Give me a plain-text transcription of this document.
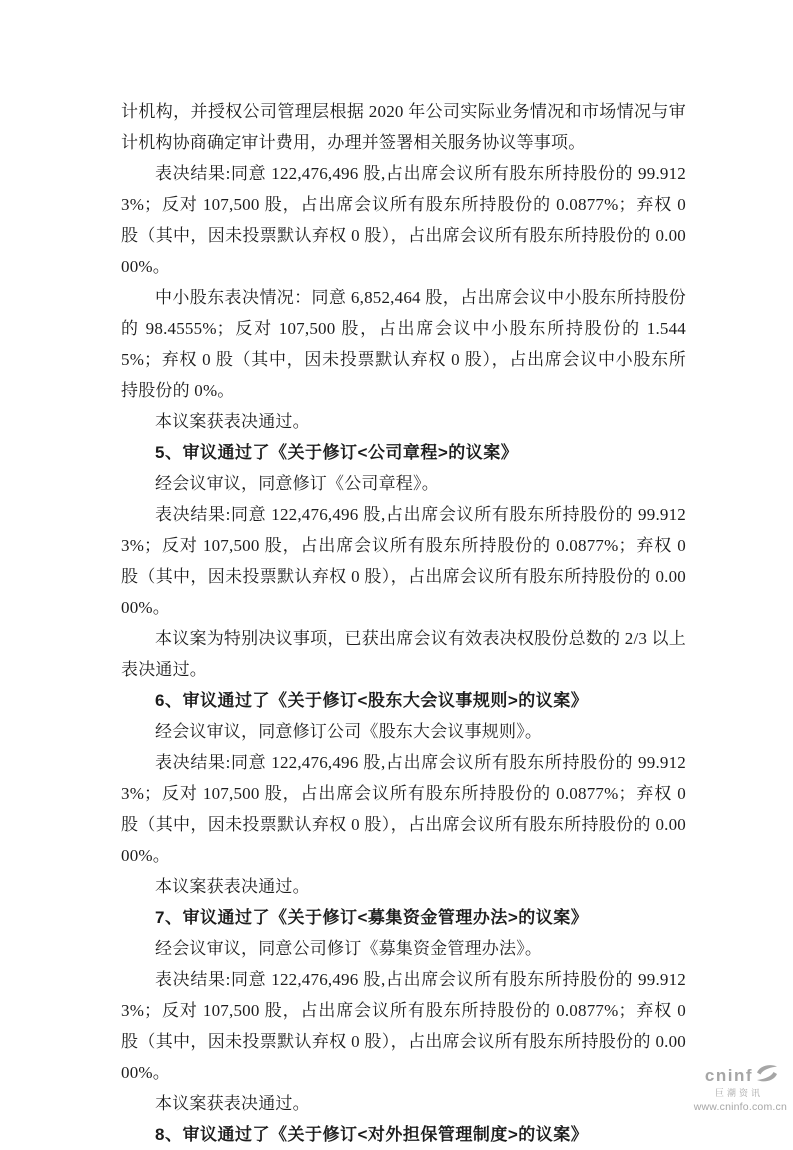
计机构，并授权公司管理层根据 2020 年公司实际业务情况和市场情况与审计机构协商确定审计费用，办理并签署相关服务协议等事项。

表决结果:同意 122,476,496 股,占出席会议所有股东所持股份的 99.9123%；反对 107,500 股，占出席会议所有股东所持股份的 0.0877%；弃权 0 股（其中，因未投票默认弃权 0 股），占出席会议所有股东所持股份的 0.0000%。

中小股东表决情况：同意 6,852,464 股，占出席会议中小股东所持股份的 98.4555%；反对 107,500 股，占出席会议中小股东所持股份的 1.5445%；弃权 0 股（其中，因未投票默认弃权 0 股），占出席会议中小股东所持股份的 0%。

本议案获表决通过。

5、审议通过了《关于修订<公司章程>的议案》

经会议审议，同意修订《公司章程》。

表决结果:同意 122,476,496 股,占出席会议所有股东所持股份的 99.9123%；反对 107,500 股，占出席会议所有股东所持股份的 0.0877%；弃权 0 股（其中，因未投票默认弃权 0 股），占出席会议所有股东所持股份的 0.0000%。

本议案为特别决议事项，已获出席会议有效表决权股份总数的 2/3 以上表决通过。

6、审议通过了《关于修订<股东大会议事规则>的议案》

经会议审议，同意修订公司《股东大会议事规则》。

表决结果:同意 122,476,496 股,占出席会议所有股东所持股份的 99.9123%；反对 107,500 股，占出席会议所有股东所持股份的 0.0877%；弃权 0 股（其中，因未投票默认弃权 0 股），占出席会议所有股东所持股份的 0.0000%。

本议案获表决通过。

7、审议通过了《关于修订<募集资金管理办法>的议案》

经会议审议，同意公司修订《募集资金管理办法》。

表决结果:同意 122,476,496 股,占出席会议所有股东所持股份的 99.9123%；反对 107,500 股，占出席会议所有股东所持股份的 0.0877%；弃权 0 股（其中，因未投票默认弃权 0 股），占出席会议所有股东所持股份的 0.0000%。

本议案获表决通过。

8、审议通过了《关于修订<对外担保管理制度>的议案》

cninf
巨潮资讯
www.cninfo.com.cn
